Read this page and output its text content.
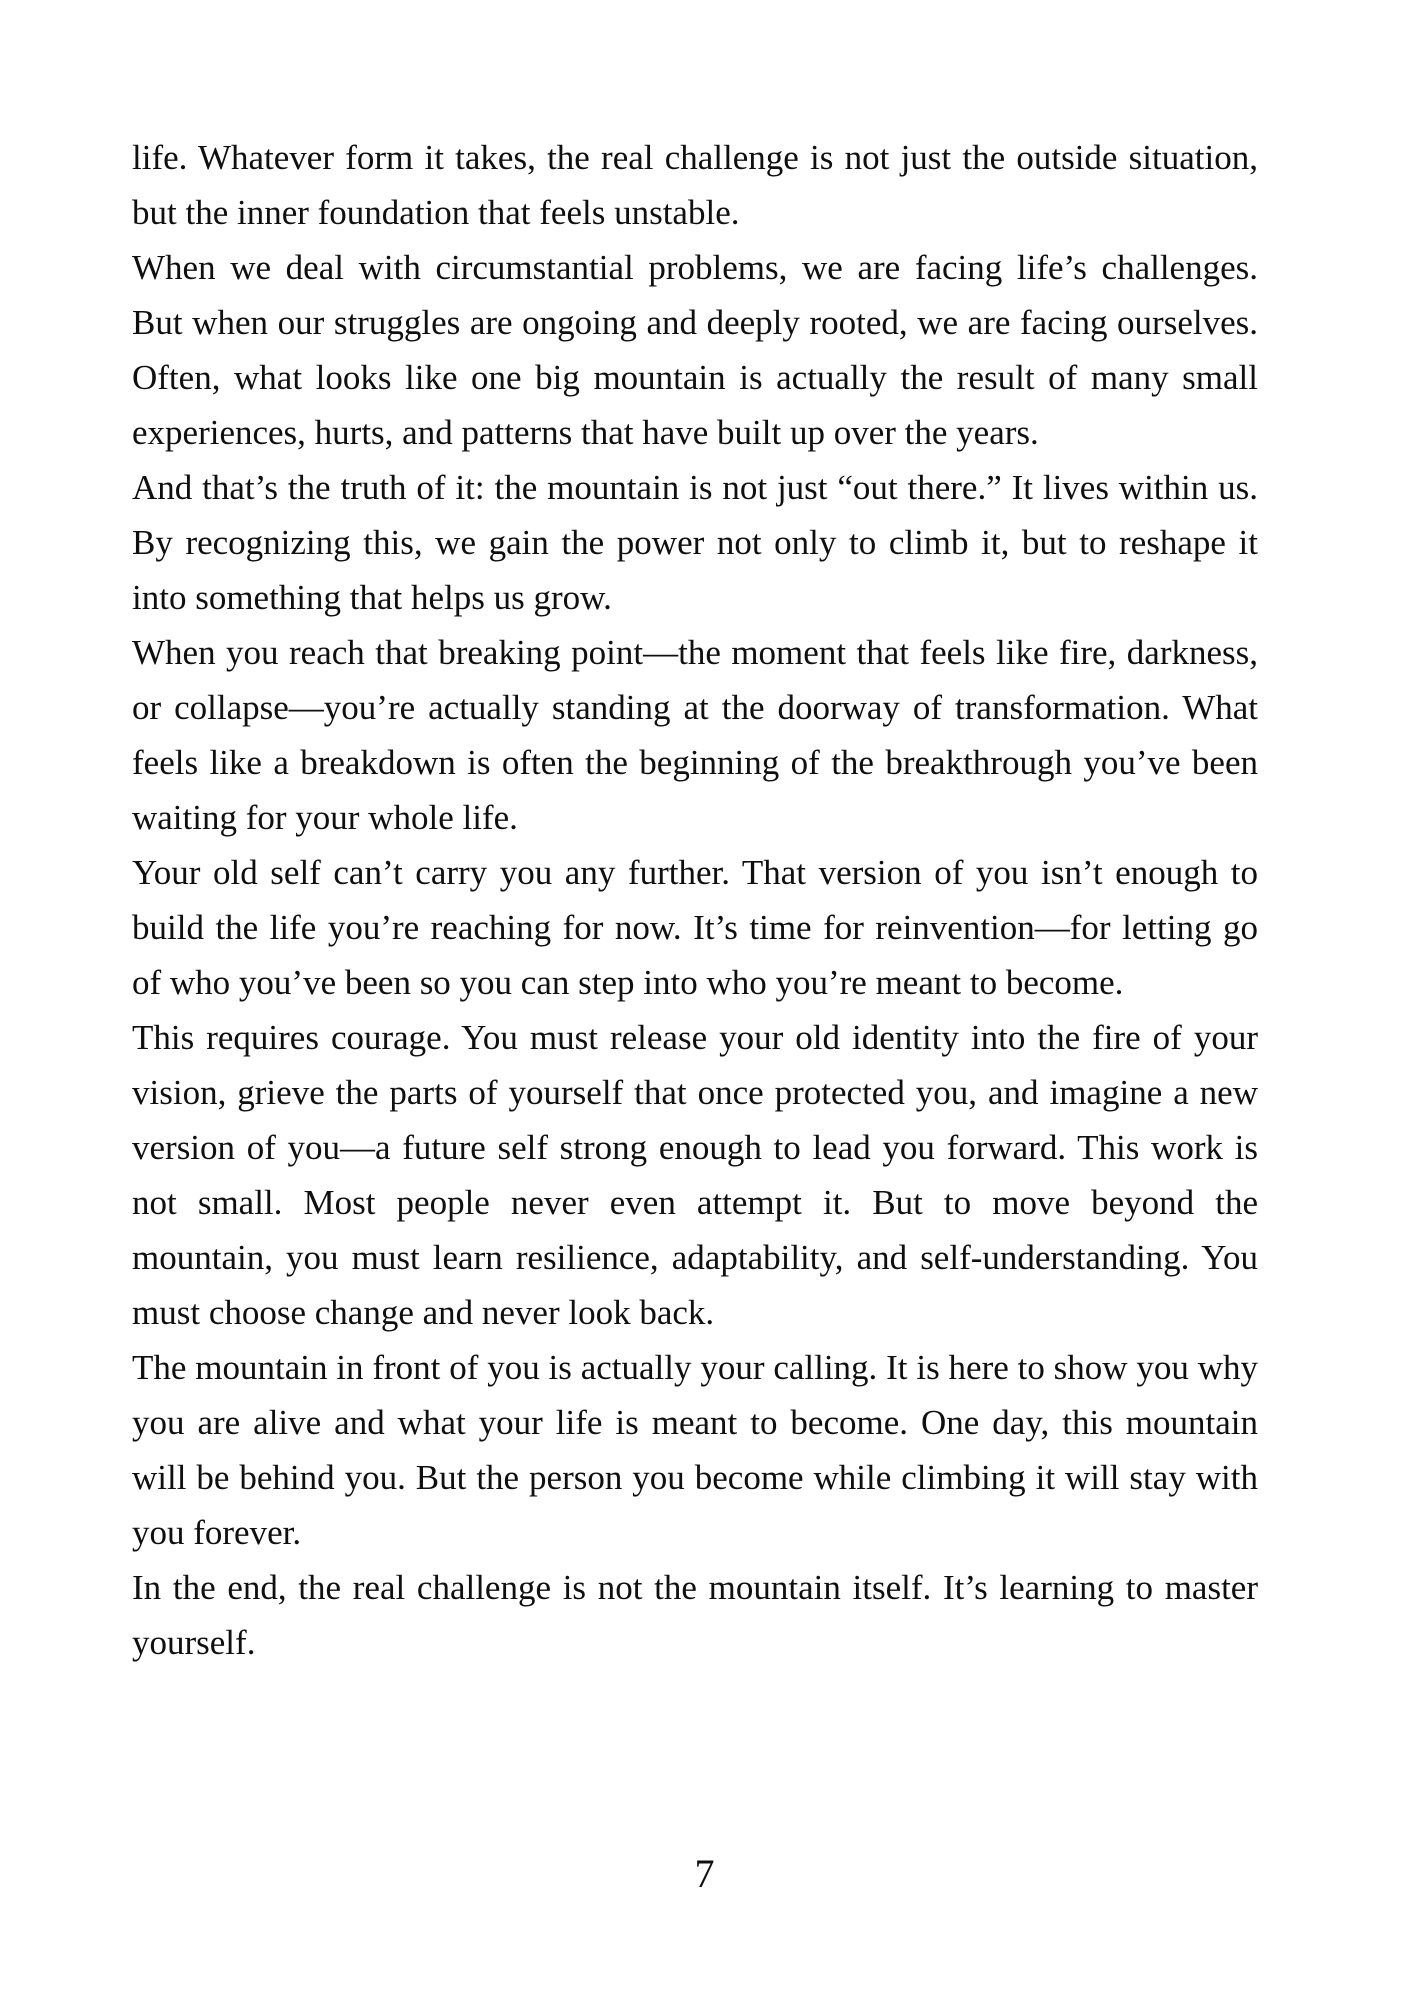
life. Whatever form it takes, the real challenge is not just the outside situation, but the inner foundation that feels unstable.

When we deal with circumstantial problems, we are facing life’s challenges. But when our struggles are ongoing and deeply rooted, we are facing ourselves. Often, what looks like one big mountain is actually the result of many small experiences, hurts, and patterns that have built up over the years.

And that’s the truth of it: the mountain is not just “out there.” It lives within us. By recognizing this, we gain the power not only to climb it, but to reshape it into something that helps us grow.

When you reach that breaking point—the moment that feels like fire, darkness, or collapse—you’re actually standing at the doorway of transformation. What feels like a breakdown is often the beginning of the breakthrough you’ve been waiting for your whole life.

Your old self can’t carry you any further. That version of you isn’t enough to build the life you’re reaching for now. It’s time for reinvention—for letting go of who you’ve been so you can step into who you’re meant to become.

This requires courage. You must release your old identity into the fire of your vision, grieve the parts of yourself that once protected you, and imagine a new version of you—a future self strong enough to lead you forward. This work is not small. Most people never even attempt it. But to move beyond the mountain, you must learn resilience, adaptability, and self-understanding. You must choose change and never look back.

The mountain in front of you is actually your calling. It is here to show you why you are alive and what your life is meant to become. One day, this mountain will be behind you. But the person you become while climbing it will stay with you forever.

In the end, the real challenge is not the mountain itself. It’s learning to master yourself.

7
